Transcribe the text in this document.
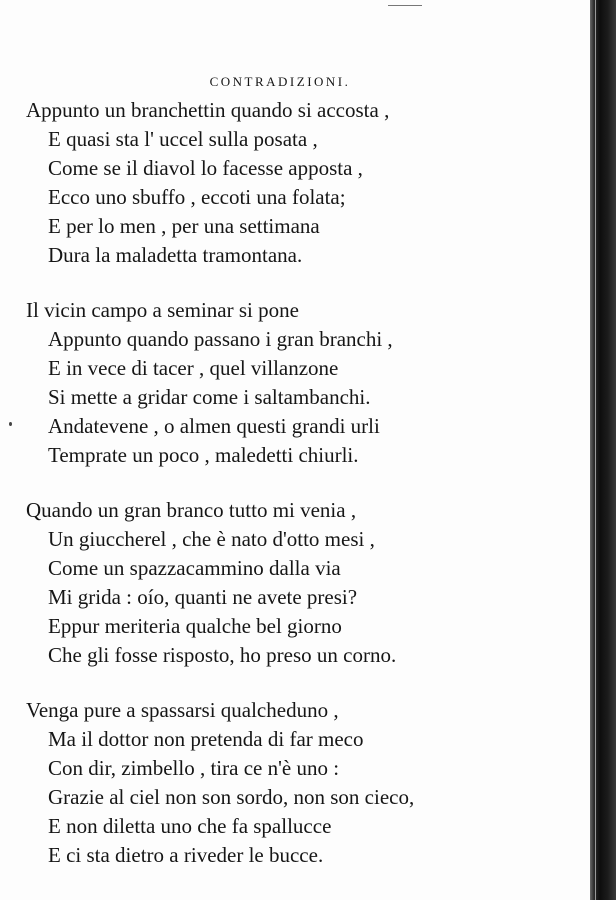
CONTRADIZIONI.
Appunto un branchettin quando si accosta ,
E quasi sta l' uccel sulla posata ,
Come se il diavol lo facesse apposta ,
Ecco uno sbuffo , eccoti una folata;
E per lo men , per una settimana
Dura la maladetta tramontana.
Il vicin campo a seminar si pone
Appunto quando passano i gran branchi ,
E in vece di tacer , quel villanzone
Si mette a gridar come i saltambanchi.
Andatevene , o almen questi grandi urli
Temprate un poco , maledetti chiurli.
Quando un gran branco tutto mi venia ,
Un giuccherel , che è nato d'otto mesi ,
Come un spazzacammino dalla via
Mi grida : oío, quanti ne avete presi?
Eppur meriteria qualche bel giorno
Che gli fosse risposto, ho preso un corno.
Venga pure a spassarsi qualcheduno ,
Ma il dottor non pretenda di far meco
Con dir, zimbello , tira ce n'è uno :
Grazie al ciel non son sordo, non son cieco,
E non diletta uno che fa spallucce
E ci sta dietro a riveder le bucce.
